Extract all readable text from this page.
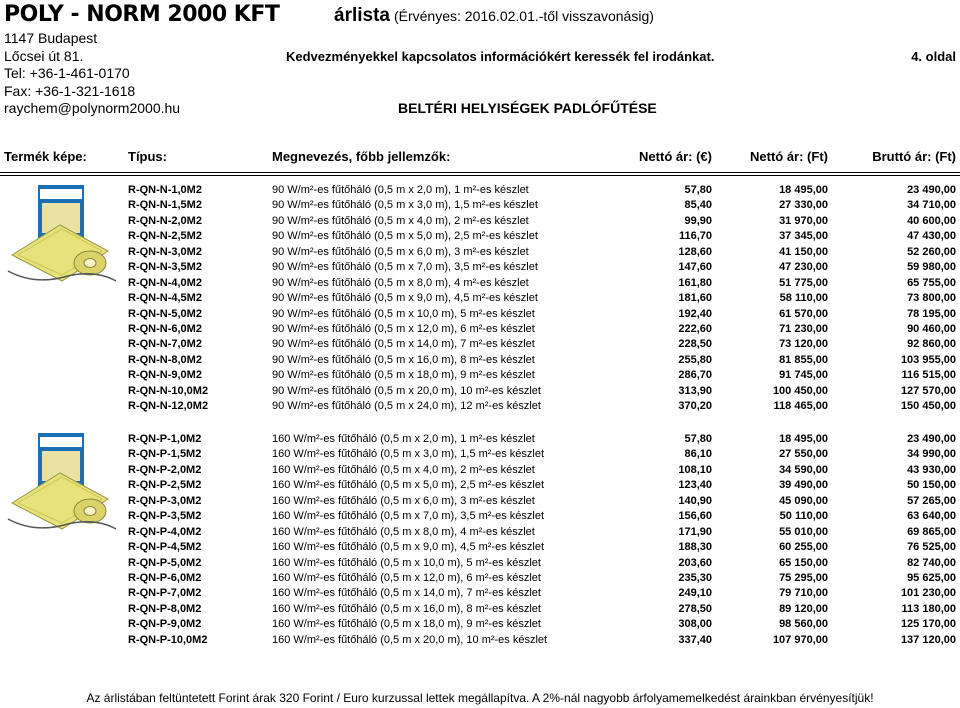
POLY - NORM 2000 KFT
1147 Budapest
Lőcsei út 81.
Tel: +36-1-461-0170
Fax: +36-1-321-1618
raychem@polynorm2000.hu
árlista (Érvényes: 2016.02.01.-től visszavonásig)
Kedvezményekkel kapcsolatos információkért keressék fel irodánkat.	4. oldal
BELTÉRI HELYISÉGEK PADLÓFŰTÉSE
Termék képe:	Típus:	Megnevezés, főbb jellemzők:	Nettó ár: (€)	Nettó ár: (Ft)	Bruttó ár: (Ft)
R-QN-N-1,0M2	90 W/m²-es fűtőháló (0,5 m x 2,0 m), 1 m²-es készlet	57,80	18 495,00	23 490,00
R-QN-N-1,5M2	90 W/m²-es fűtőháló (0,5 m x 3,0 m), 1,5 m²-es készlet	85,40	27 330,00	34 710,00
R-QN-N-2,0M2	90 W/m²-es fűtőháló (0,5 m x 4,0 m), 2 m²-es készlet	99,90	31 970,00	40 600,00
R-QN-N-2,5M2	90 W/m²-es fűtőháló (0,5 m x 5,0 m), 2,5 m²-es készlet	116,70	37 345,00	47 430,00
R-QN-N-3,0M2	90 W/m²-es fűtőháló (0,5 m x 6,0 m), 3 m²-es készlet	128,60	41 150,00	52 260,00
R-QN-N-3,5M2	90 W/m²-es fűtőháló (0,5 m x 7,0 m), 3,5 m²-es készlet	147,60	47 230,00	59 980,00
R-QN-N-4,0M2	90 W/m²-es fűtőháló (0,5 m x 8,0 m), 4 m²-es készlet	161,80	51 775,00	65 755,00
R-QN-N-4,5M2	90 W/m²-es fűtőháló (0,5 m x 9,0 m), 4,5 m²-es készlet	181,60	58 110,00	73 800,00
R-QN-N-5,0M2	90 W/m²-es fűtőháló (0,5 m x 10,0 m), 5 m²-es készlet	192,40	61 570,00	78 195,00
R-QN-N-6,0M2	90 W/m²-es fűtőháló (0,5 m x 12,0 m), 6 m²-es készlet	222,60	71 230,00	90 460,00
R-QN-N-7,0M2	90 W/m²-es fűtőháló (0,5 m x 14,0 m), 7 m²-es készlet	228,50	73 120,00	92 860,00
R-QN-N-8,0M2	90 W/m²-es fűtőháló (0,5 m x 16,0 m), 8 m²-es készlet	255,80	81 855,00	103 955,00
R-QN-N-9,0M2	90 W/m²-es fűtőháló (0,5 m x 18,0 m), 9 m²-es készlet	286,70	91 745,00	116 515,00
R-QN-N-10,0M2	90 W/m²-es fűtőháló (0,5 m x 20,0 m), 10 m²-es készlet	313,90	100 450,00	127 570,00
R-QN-N-12,0M2	90 W/m²-es fűtőháló (0,5 m x 24,0 m), 12 m²-es készlet	370,20	118 465,00	150 450,00
R-QN-P-1,0M2	160 W/m²-es fűtőháló (0,5 m x 2,0 m), 1 m²-es készlet	57,80	18 495,00	23 490,00
R-QN-P-1,5M2	160 W/m²-es fűtőháló (0,5 m x 3,0 m), 1,5 m²-es készlet	86,10	27 550,00	34 990,00
R-QN-P-2,0M2	160 W/m²-es fűtőháló (0,5 m x 4,0 m), 2 m²-es készlet	108,10	34 590,00	43 930,00
R-QN-P-2,5M2	160 W/m²-es fűtőháló (0,5 m x 5,0 m), 2,5 m²-es készlet	123,40	39 490,00	50 150,00
R-QN-P-3,0M2	160 W/m²-es fűtőháló (0,5 m x 6,0 m), 3 m²-es készlet	140,90	45 090,00	57 265,00
R-QN-P-3,5M2	160 W/m²-es fűtőháló (0,5 m x 7,0 m), 3,5 m²-es készlet	156,60	50 110,00	63 640,00
R-QN-P-4,0M2	160 W/m²-es fűtőháló (0,5 m x 8,0 m), 4 m²-es készlet	171,90	55 010,00	69 865,00
R-QN-P-4,5M2	160 W/m²-es fűtőháló (0,5 m x 9,0 m), 4,5 m²-es készlet	188,30	60 255,00	76 525,00
R-QN-P-5,0M2	160 W/m²-es fűtőháló (0,5 m x 10,0 m), 5 m²-es készlet	203,60	65 150,00	82 740,00
R-QN-P-6,0M2	160 W/m²-es fűtőháló (0,5 m x 12,0 m), 6 m²-es készlet	235,30	75 295,00	95 625,00
R-QN-P-7,0M2	160 W/m²-es fűtőháló (0,5 m x 14,0 m), 7 m²-es készlet	249,10	79 710,00	101 230,00
R-QN-P-8,0M2	160 W/m²-es fűtőháló (0,5 m x 16,0 m), 8 m²-es készlet	278,50	89 120,00	113 180,00
R-QN-P-9,0M2	160 W/m²-es fűtőháló (0,5 m x 18,0 m), 9 m²-es készlet	308,00	98 560,00	125 170,00
R-QN-P-10,0M2	160 W/m²-es fűtőháló (0,5 m x 20,0 m), 10 m²-es készlet	337,40	107 970,00	137 120,00
Az árlistában feltüntetett Forint árak 320 Forint / Euro kurzussal lettek megállapítva. A 2%-nál nagyobb árfolyamemelkedést árainkban érvényesítjük!
